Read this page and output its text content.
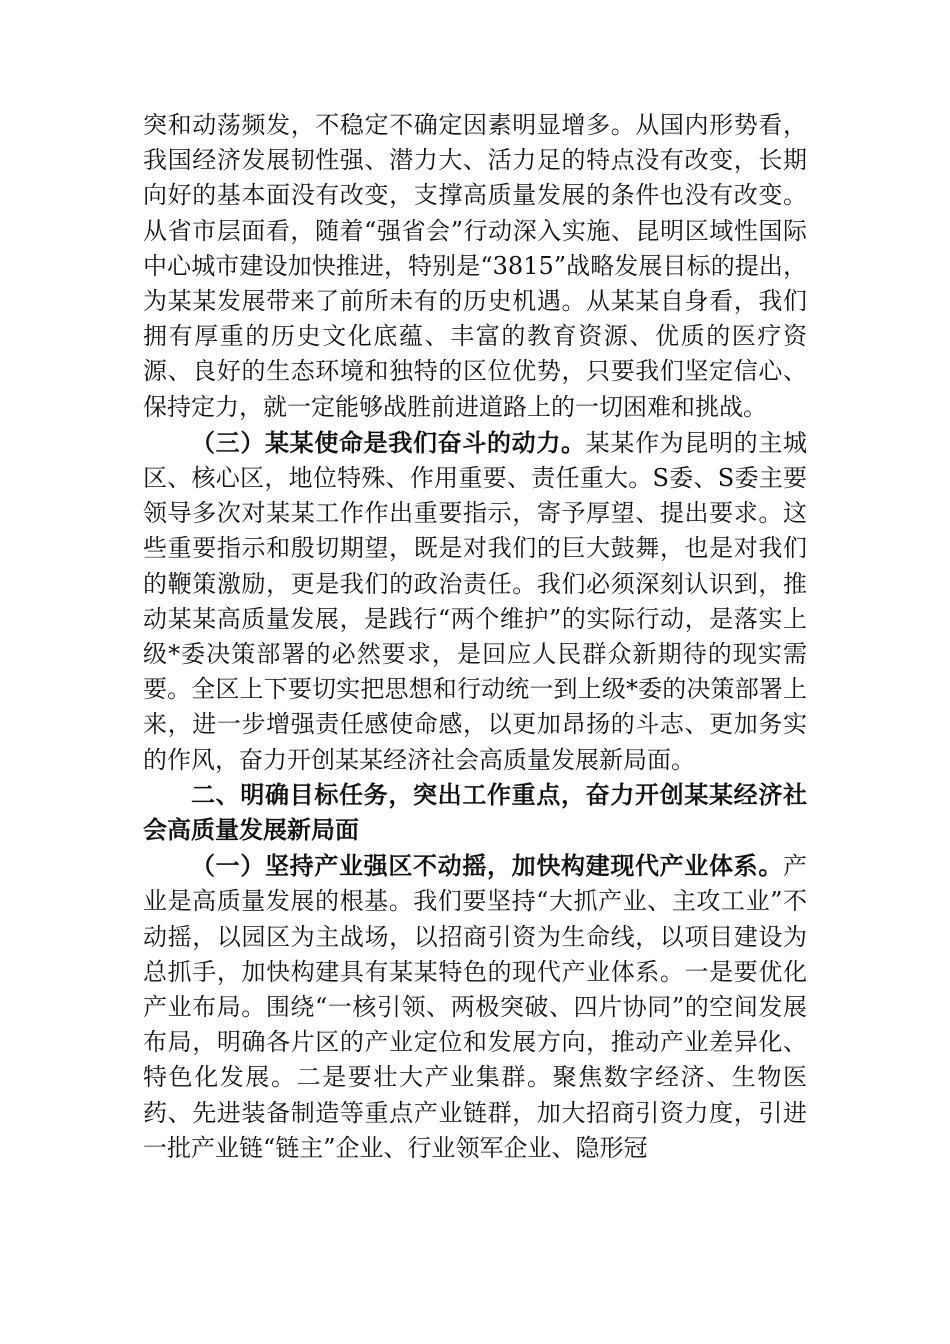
突和动荡频发，不稳定不确定因素明显增多。从国内形势看，我国经济发展韧性强、潜力大、活力足的特点没有改变，长期向好的基本面没有改变，支撑高质量发展的条件也没有改变。从省市层面看，随着“强省会”行动深入实施、昆明区域性国际中心城市建设加快推进，特别是“3815”战略发展目标的提出，为某某发展带来了前所未有的历史机遇。从某某自身看，我们拥有厚重的历史文化底蕴、丰富的教育资源、优质的医疗资源、良好的生态环境和独特的区位优势，只要我们坚定信心、保持定力，就一定能够战胜前进道路上的一切困难和挑战。

（三）某某使命是我们奋斗的动力。某某作为昆明的主城区、核心区，地位特殊、作用重要、责任重大。S委、S委主要领导多次对某某工作作出重要指示，寄予厚望、提出要求。这些重要指示和殷切期望，既是对我们的巨大鼓舞，也是对我们的鞭策激励，更是我们的政治责任。我们必须深刻认识到，推动某某高质量发展，是践行“两个维护”的实际行动，是落实上级*委决策部署的必然要求，是回应人民群众新期待的现实需要。全区上下要切实把思想和行动统一到上级*委的决策部署上来，进一步增强责任感使命感，以更加昂扬的斗志、更加务实的作风，奋力开创某某经济社会高质量发展新局面。

二、明确目标任务，突出工作重点，奋力开创某某经济社会高质量发展新局面

（一）坚持产业强区不动摇，加快构建现代产业体系。产业是高质量发展的根基。我们要坚持“大抓产业、主攻工业”不动摇，以园区为主战场，以招商引资为生命线，以项目建设为总抓手，加快构建具有某某特色的现代产业体系。一是要优化产业布局。围绕“一核引领、两极突破、四片协同”的空间发展布局，明确各片区的产业定位和发展方向，推动产业差异化、特色化发展。二是要壮大产业集群。聚焦数字经济、生物医药、先进装备制造等重点产业链群，加大招商引资力度，引进一批产业链“链主”企业、行业领军企业、隐形冠
